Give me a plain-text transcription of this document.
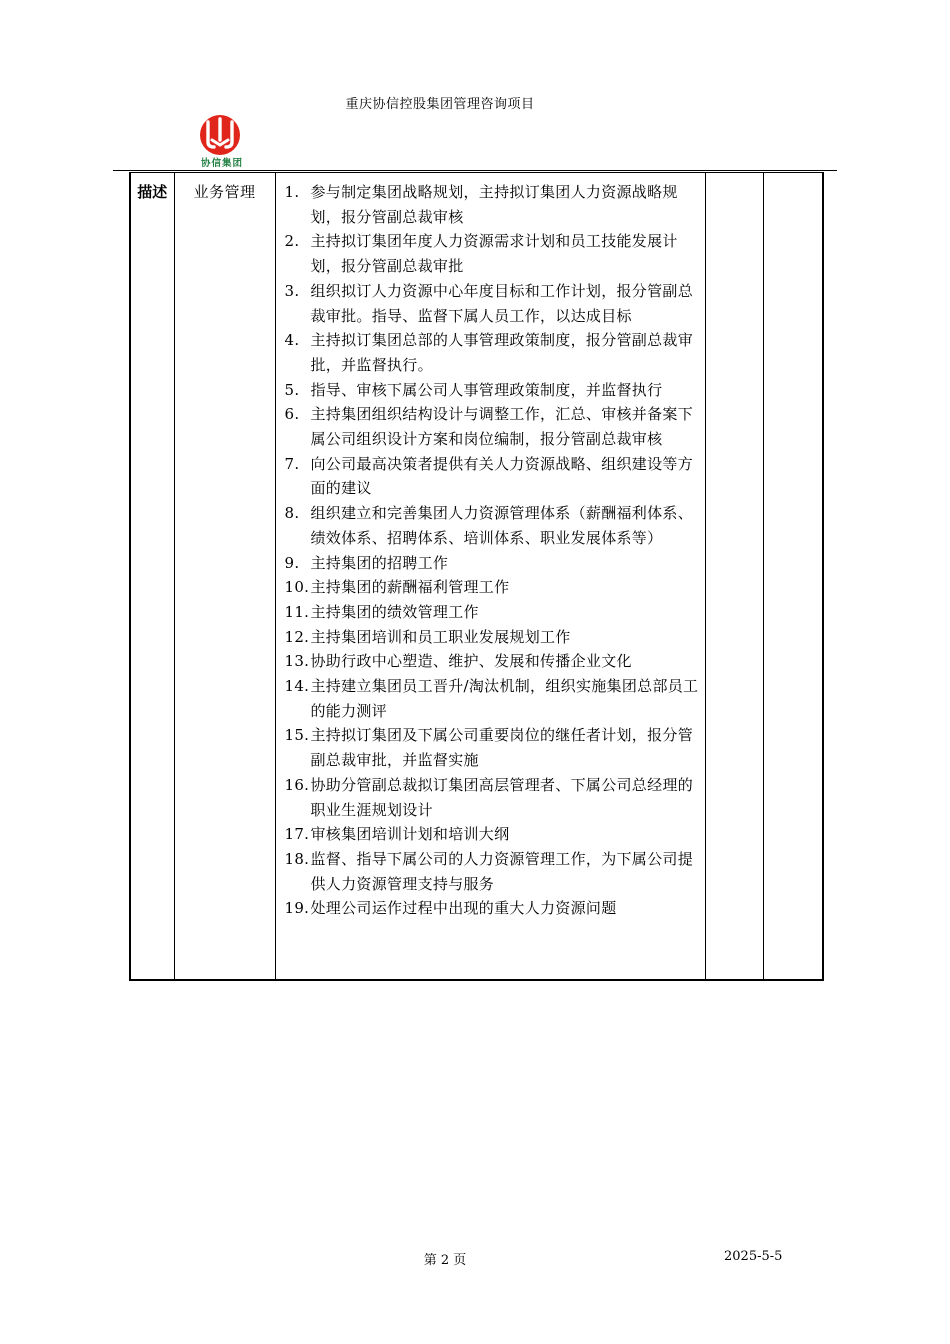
重庆协信控股集团管理咨询项目
协信集团
描述	业务管理	1. 参与制定集团战略规划，主持拟订集团人力资源战略规划，报分管副总裁审核
2. 主持拟订集团年度人力资源需求计划和员工技能发展计划，报分管副总裁审批
3. 组织拟订人力资源中心年度目标和工作计划，报分管副总裁审批。指导、监督下属人员工作，以达成目标
4. 主持拟订集团总部的人事管理政策制度，报分管副总裁审批，并监督执行。
5. 指导、审核下属公司人事管理政策制度，并监督执行
6. 主持集团组织结构设计与调整工作，汇总、审核并备案下属公司组织设计方案和岗位编制，报分管副总裁审核
7. 向公司最高决策者提供有关人力资源战略、组织建设等方面的建议
8. 组织建立和完善集团人力资源管理体系（薪酬福利体系、绩效体系、招聘体系、培训体系、职业发展体系等）
9. 主持集团的招聘工作
10. 主持集团的薪酬福利管理工作
11. 主持集团的绩效管理工作
12. 主持集团培训和员工职业发展规划工作
13. 协助行政中心塑造、维护、发展和传播企业文化
14. 主持建立集团员工晋升/淘汰机制，组织实施集团总部员工的能力测评
15. 主持拟订集团及下属公司重要岗位的继任者计划，报分管副总裁审批，并监督实施
16. 协助分管副总裁拟订集团高层管理者、下属公司总经理的职业生涯规划设计
17. 审核集团培训计划和培训大纲
18. 监督、指导下属公司的人力资源管理工作，为下属公司提供人力资源管理支持与服务
19. 处理公司运作过程中出现的重大人力资源问题

第 2 页	2025-5-5
